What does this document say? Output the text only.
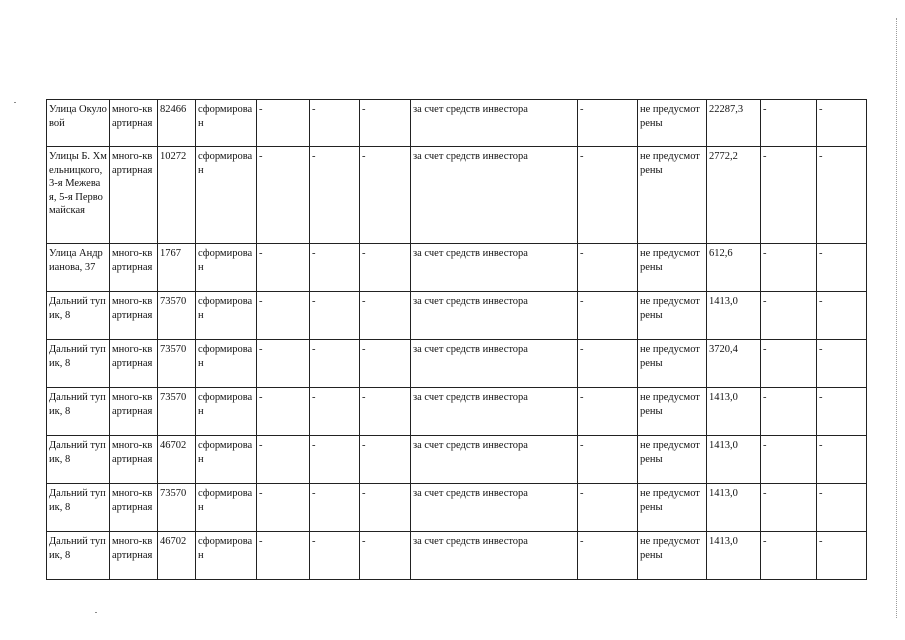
Улица Окуловой	много-квартирная	82466	сформирован	-	-	-	за счет средств инвестора	-	не предусмотрены	22287,3	-	-
Улицы Б. Хмельницкого, 3-я Межевая, 5-я Первомайская	много-квартирная	10272	сформирован	-	-	-	за счет средств инвестора	-	не предусмотрены	2772,2	-	-
Улица Андрианова, 37	много-квартирная	1767	сформирован	-	-	-	за счет средств инвестора	-	не предусмотрены	612,6	-	-
Дальний тупик, 8	много-квартирная	73570	сформирован	-	-	-	за счет средств инвестора	-	не предусмотрены	1413,0	-	-
Дальний тупик, 8	много-квартирная	73570	сформирован	-	-	-	за счет средств инвестора	-	не предусмотрены	3720,4	-	-
Дальний тупик, 8	много-квартирная	73570	сформирован	-	-	-	за счет средств инвестора	-	не предусмотрены	1413,0	-	-
Дальний тупик, 8	много-квартирная	46702	сформирован	-	-	-	за счет средств инвестора	-	не предусмотрены	1413,0	-	-
Дальний тупик, 8	много-квартирная	73570	сформирован	-	-	-	за счет средств инвестора	-	не предусмотрены	1413,0	-	-
Дальний тупик, 8	много-квартирная	46702	сформирован	-	-	-	за счет средств инвестора	-	не предусмотрены	1413,0	-	-
